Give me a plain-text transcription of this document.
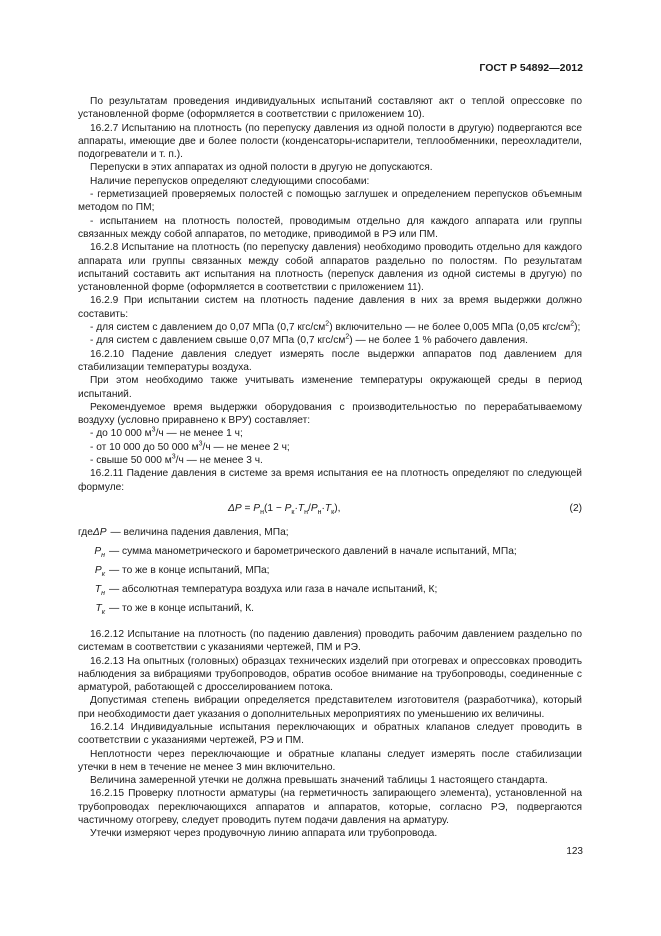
ГОСТ Р 54892—2012

По результатам проведения индивидуальных испытаний составляют акт о теплой опрессовке по установленной форме (оформляется в соответствии с приложением 10).

16.2.7 Испытанию на плотность (по перепуску давления из одной полости в другую) подвергаются все аппараты, имеющие две и более полости (конденсаторы-испарители, теплообменники, переохладители, подогреватели и т. п.).

Перепуски в этих аппаратах из одной полости в другую не допускаются.

Наличие перепусков определяют следующими способами:

- герметизацией проверяемых полостей с помощью заглушек и определением перепусков объемным методом по ПМ;

- испытанием на плотность полостей, проводимым отдельно для каждого аппарата или группы связанных между собой аппаратов, по методике, приводимой в РЭ или ПМ.

16.2.8 Испытание на плотность (по перепуску давления) необходимо проводить отдельно для каждого аппарата или группы связанных между собой аппаратов раздельно по полостям. По результатам испытаний составить акт испытания на плотность (перепуск давления из одной системы в другую) по установленной форме (оформляется в соответствии с приложением 11).

16.2.9 При испытании систем на плотность падение давления в них за время выдержки должно составить:

- для систем с давлением до 0,07 МПа (0,7 кгс/$см^2$) включительно — не более 0,005 МПа (0,05 кгс/$см^2$);

- для систем с давлением свыше 0,07 МПа (0,7 кгс/$см^2$) — не более 1 % рабочего давления.

16.2.10 Падение давления следует измерять после выдержки аппаратов под давлением для стабилизации температуры воздуха.

При этом необходимо также учитывать изменение температуры окружающей среды в период испытаний.

Рекомендуемое время выдержки оборудования с производительностью по перерабатываемому воздуху (условно приравнено к ВРУ) составляет:

- до 10 000 $м^3/ч$ — не менее 1 ч;

- от 10 000 до 50 000 $м^3/ч$ — не менее 2 ч;

- свыше 50 000 $м^3/ч$ — не менее 3 ч.

16.2.11 Падение давления в системе за время испытания ее на плотность определяют по следующей формуле:

$\Delta P = P_н(1 - P_к\cdot T_н/P_н\cdot T_к)$,	(2)
где ΔP — величина падения давления, МПа;
$P_н$ — сумма манометрического и барометрического давлений в начале испытаний, МПа;
$P_к$ — то же в конце испытаний, МПа;
$T_н$ — абсолютная температура воздуха или газа в начале испытаний, К;
$T_к$ — то же в конце испытаний, К.

16.2.12 Испытание на плотность (по падению давления) проводить рабочим давлением раздельно по системам в соответствии с указаниями чертежей, ПМ и РЭ.

16.2.13 На опытных (головных) образцах технических изделий при отогревах и опрессовках проводить наблюдения за вибрациями трубопроводов, обратив особое внимание на трубопроводы, соединенные с арматурой, работающей с дросселированием потока.

Допустимая степень вибрации определяется представителем изготовителя (разработчика), который при необходимости дает указания о дополнительных мероприятиях по уменьшению их величины.

16.2.14 Индивидуальные испытания переключающих и обратных клапанов следует проводить в соответствии с указаниями чертежей, РЭ и ПМ.

Неплотности через переключающие и обратные клапаны следует измерять после стабилизации утечки в нем в течение не менее 3 мин включительно.

Величина замеренной утечки не должна превышать значений таблицы 1 настоящего стандарта.

16.2.15 Проверку плотности арматуры (на герметичность запирающего элемента), установленной на трубопроводах переключающихся аппаратов и аппаратов, которые, согласно РЭ, подвергаются частичному отогреву, следует проводить путем подачи давления на арматуру.

Утечки измеряют через продувочную линию аппарата или трубопровода.

123
